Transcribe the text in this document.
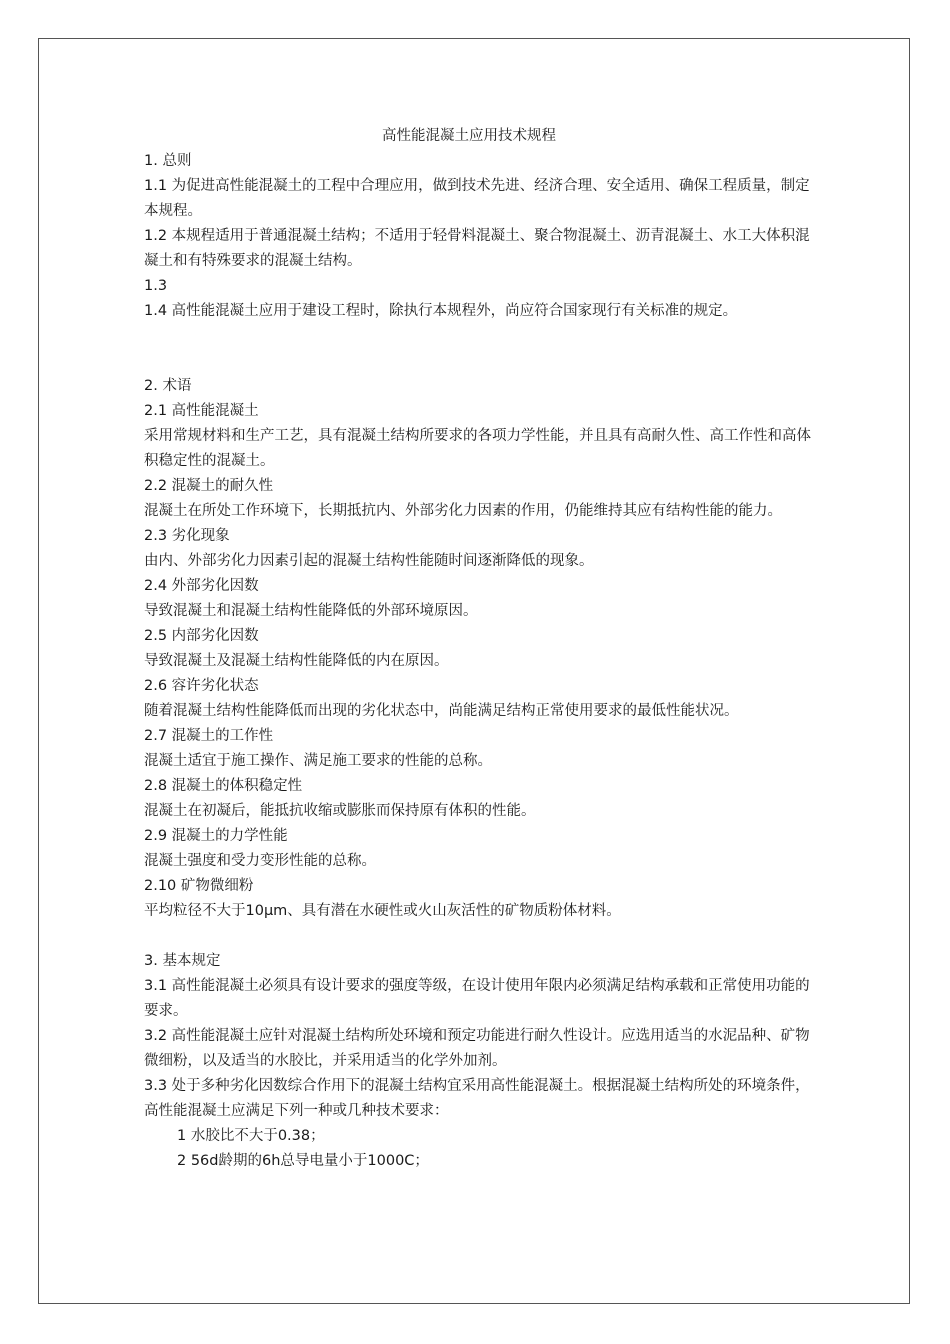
高性能混凝土应用技术规程

1. 总则

1.1 为促进高性能混凝土的工程中合理应用，做到技术先进、经济合理、安全适用、确保工程质量，制定本规程。

1.2 本规程适用于普通混凝土结构；不适用于轻骨料混凝土、聚合物混凝土、沥青混凝土、水工大体积混凝土和有特殊要求的混凝土结构。

1.3

1.4 高性能混凝土应用于建设工程时，除执行本规程外，尚应符合国家现行有关标准的规定。

2. 术语

2.1 高性能混凝土

采用常规材料和生产工艺，具有混凝土结构所要求的各项力学性能，并且具有高耐久性、高工作性和高体积稳定性的混凝土。

2.2 混凝土的耐久性

混凝土在所处工作环境下，长期抵抗内、外部劣化力因素的作用，仍能维持其应有结构性能的能力。

2.3 劣化现象

由内、外部劣化力因素引起的混凝土结构性能随时间逐渐降低的现象。

2.4 外部劣化因数

导致混凝土和混凝土结构性能降低的外部环境原因。

2.5 内部劣化因数

导致混凝土及混凝土结构性能降低的内在原因。

2.6 容许劣化状态

随着混凝土结构性能降低而出现的劣化状态中，尚能满足结构正常使用要求的最低性能状况。

2.7 混凝土的工作性

混凝土适宜于施工操作、满足施工要求的性能的总称。

2.8 混凝土的体积稳定性

混凝土在初凝后，能抵抗收缩或膨胀而保持原有体积的性能。

2.9 混凝土的力学性能

混凝土强度和受力变形性能的总称。

2.10 矿物微细粉

平均粒径不大于10μm、具有潜在水硬性或火山灰活性的矿物质粉体材料。

3. 基本规定

3.1 高性能混凝土必须具有设计要求的强度等级，在设计使用年限内必须满足结构承载和正常使用功能的要求。

3.2 高性能混凝土应针对混凝土结构所处环境和预定功能进行耐久性设计。应选用适当的水泥品种、矿物微细粉，以及适当的水胶比，并采用适当的化学外加剂。

3.3 处于多种劣化因数综合作用下的混凝土结构宜采用高性能混凝土。根据混凝土结构所处的环境条件，高性能混凝土应满足下列一种或几种技术要求：

1 水胶比不大于0.38；

2 56d龄期的6h总导电量小于1000C；
